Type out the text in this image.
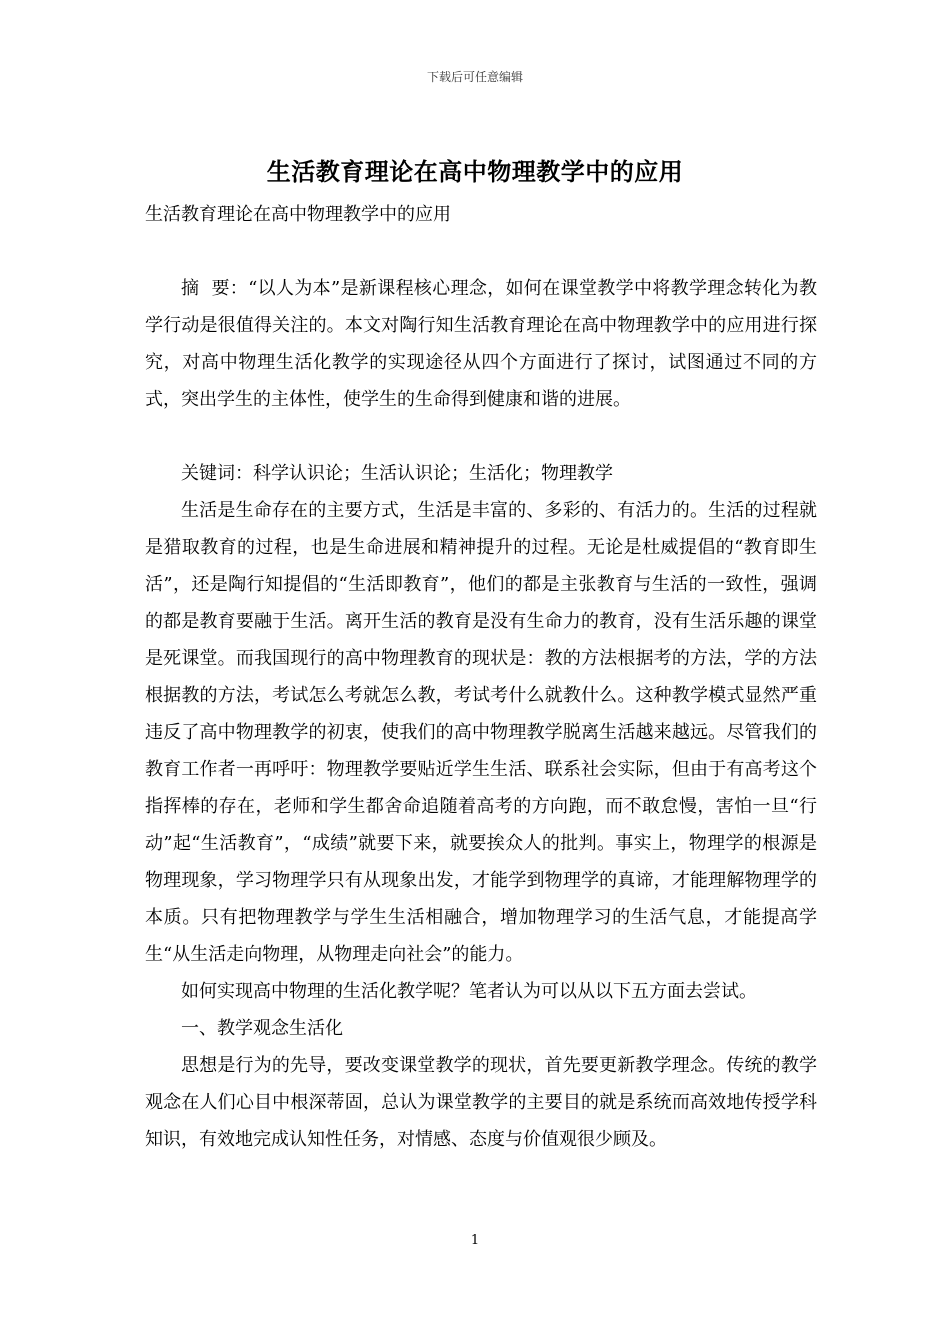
下载后可任意编辑
生活教育理论在高中物理教学中的应用

生活教育理论在高中物理教学中的应用

摘  要：“以人为本”是新课程核心理念，如何在课堂教学中将教学理念转化为教学行动是很值得关注的。本文对陶行知生活教育理论在高中物理教学中的应用进行探究，对高中物理生活化教学的实现途径从四个方面进行了探讨，试图通过不同的方式，突出学生的主体性，使学生的生命得到健康和谐的进展。

关键词：科学认识论；生活认识论；生活化；物理教学

生活是生命存在的主要方式，生活是丰富的、多彩的、有活力的。生活的过程就是猎取教育的过程，也是生命进展和精神提升的过程。无论是杜威提倡的“教育即生活”，还是陶行知提倡的“生活即教育”，他们的都是主张教育与生活的一致性，强调的都是教育要融于生活。离开生活的教育是没有生命力的教育，没有生活乐趣的课堂是死课堂。而我国现行的高中物理教育的现状是：教的方法根据考的方法，学的方法根据教的方法，考试怎么考就怎么教，考试考什么就教什么。这种教学模式显然严重违反了高中物理教学的初衷，使我们的高中物理教学脱离生活越来越远。尽管我们的教育工作者一再呼吁：物理教学要贴近学生生活、联系社会实际，但由于有高考这个指挥棒的存在，老师和学生都舍命追随着高考的方向跑，而不敢怠慢，害怕一旦“行动”起“生活教育”，“成绩”就要下来，就要挨众人的批判。事实上，物理学的根源是物理现象，学习物理学只有从现象出发，才能学到物理学的真谛，才能理解物理学的本质。只有把物理教学与学生生活相融合，增加物理学习的生活气息，才能提高学生“从生活走向物理，从物理走向社会”的能力。

如何实现高中物理的生活化教学呢？笔者认为可以从以下五方面去尝试。

一、教学观念生活化

思想是行为的先导，要改变课堂教学的现状，首先要更新教学理念。传统的教学观念在人们心目中根深蒂固，总认为课堂教学的主要目的就是系统而高效地传授学科知识，有效地完成认知性任务，对情感、态度与价值观很少顾及。

1
